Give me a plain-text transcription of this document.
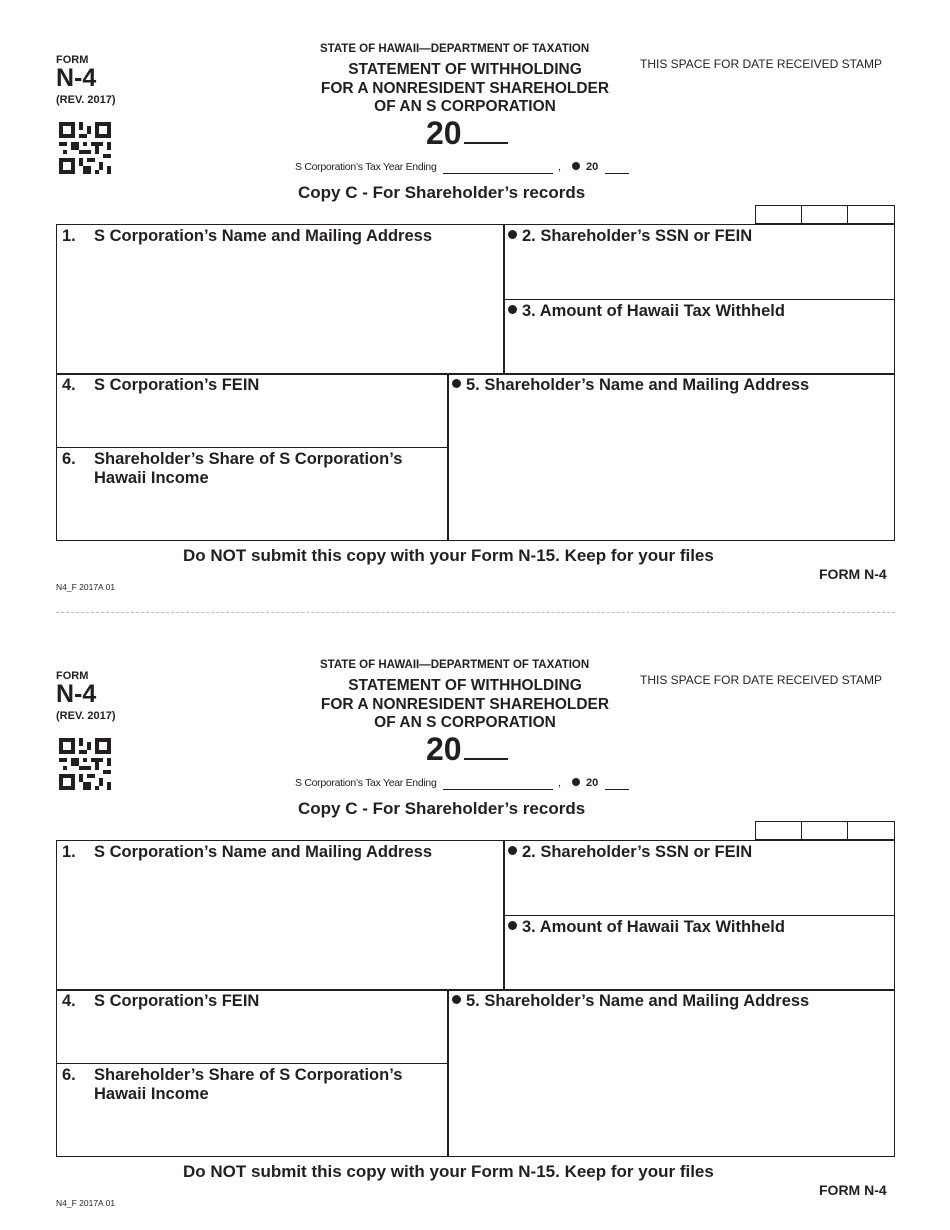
FORM
N-4
(REV. 2017)
STATE OF HAWAII—DEPARTMENT OF TAXATION
STATEMENT OF WITHHOLDING
FOR A NONRESIDENT SHAREHOLDER
OF AN S CORPORATION
20
THIS SPACE FOR DATE RECEIVED STAMP
S Corporation’s Tax Year Ending	, 20
Copy C - For Shareholder’s records
1. S Corporation’s Name and Mailing Address	2. Shareholder’s SSN or FEIN
3. Amount of Hawaii Tax Withheld
4. S Corporation’s FEIN	5. Shareholder’s Name and Mailing Address
6. Shareholder’s Share of S Corporation’s
Hawaii Income
Do NOT submit this copy with your Form N-15. Keep for your files
FORM N-4
N4_F 2017A 01
FORM
N-4
(REV. 2017)
STATE OF HAWAII—DEPARTMENT OF TAXATION
STATEMENT OF WITHHOLDING
FOR A NONRESIDENT SHAREHOLDER
OF AN S CORPORATION
20
THIS SPACE FOR DATE RECEIVED STAMP
S Corporation’s Tax Year Ending	, 20
Copy C - For Shareholder’s records
1. S Corporation’s Name and Mailing Address	2. Shareholder’s SSN or FEIN
3. Amount of Hawaii Tax Withheld
4. S Corporation’s FEIN	5. Shareholder’s Name and Mailing Address
6. Shareholder’s Share of S Corporation’s
Hawaii Income
Do NOT submit this copy with your Form N-15. Keep for your files
FORM N-4
N4_F 2017A 01
